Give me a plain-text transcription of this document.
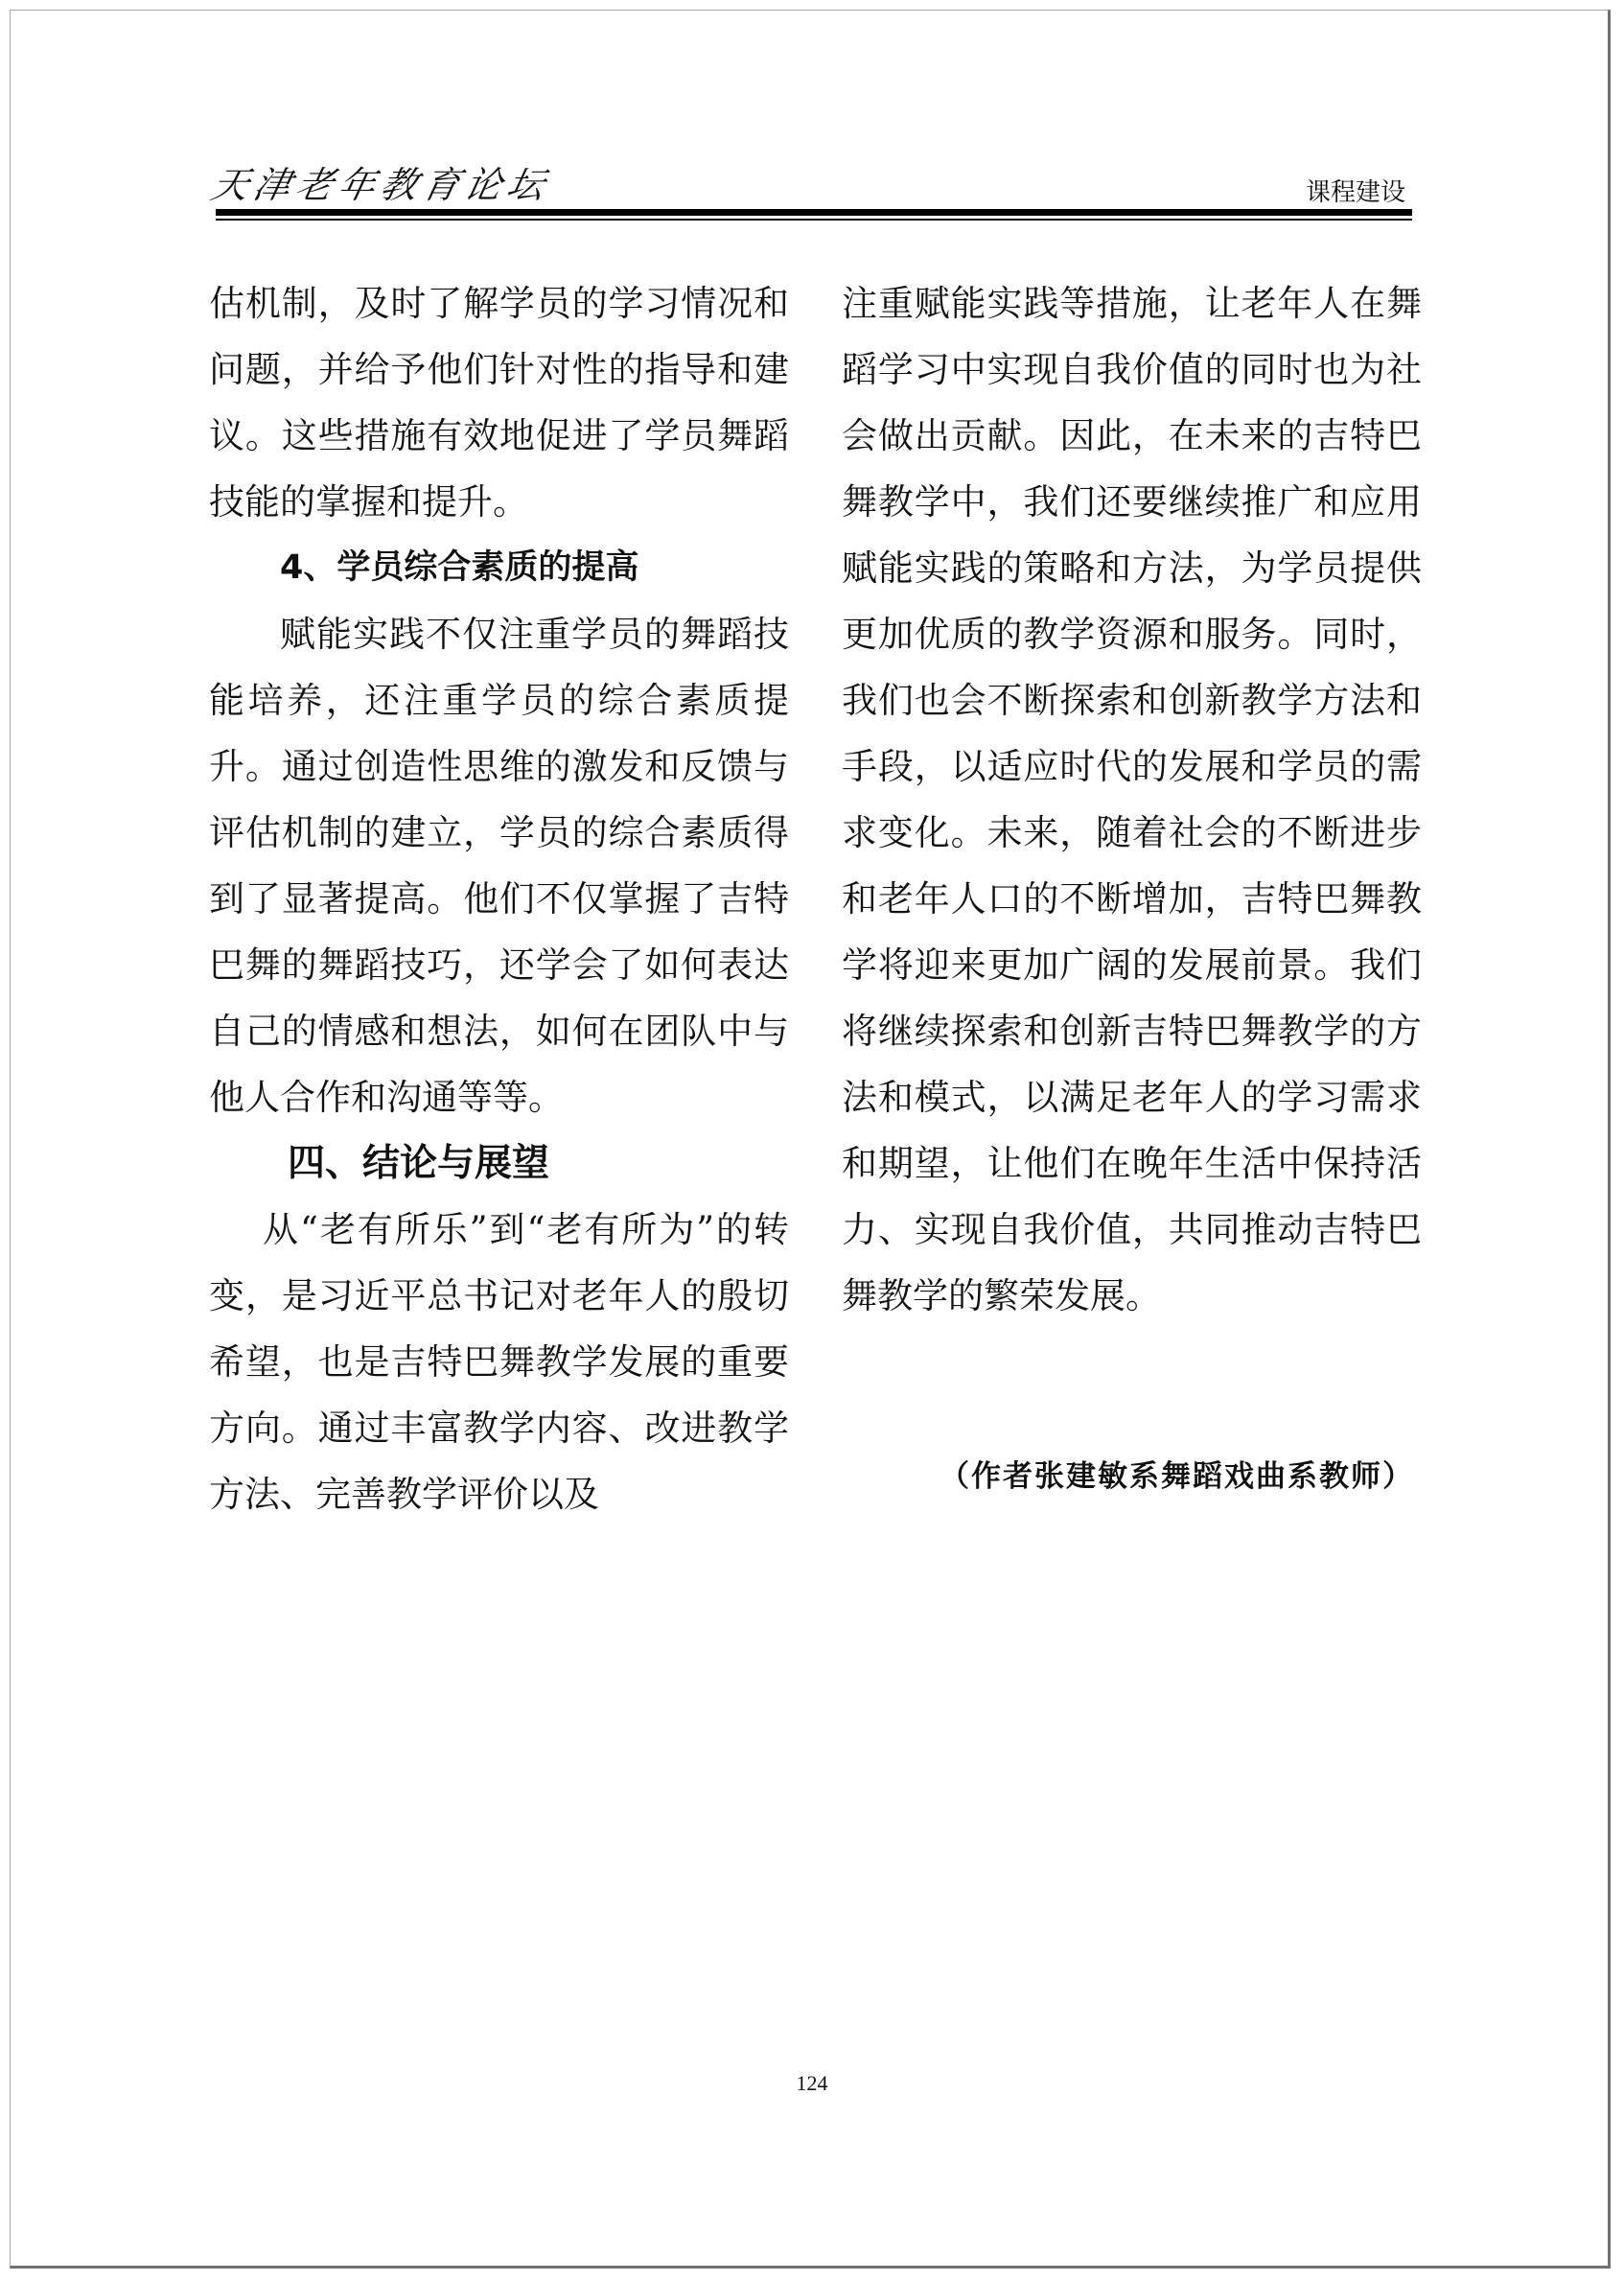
天津老年教育论坛	课程建设

估机制，及时了解学员的学习情况和问题，并给予他们针对性的指导和建议。这些措施有效地促进了学员舞蹈技能的掌握和提升。

4、学员综合素质的提高

赋能实践不仅注重学员的舞蹈技能培养，还注重学员的综合素质提升。通过创造性思维的激发和反馈与评估机制的建立，学员的综合素质得到了显著提高。他们不仅掌握了吉特巴舞的舞蹈技巧，还学会了如何表达自己的情感和想法，如何在团队中与他人合作和沟通等等。

四、结论与展望

从“老有所乐”到“老有所为”的转变，是习近平总书记对老年人的殷切希望，也是吉特巴舞教学发展的重要方向。通过丰富教学内容、改进教学方法、完善教学评价以及

注重赋能实践等措施，让老年人在舞蹈学习中实现自我价值的同时也为社会做出贡献。因此，在未来的吉特巴舞教学中，我们还要继续推广和应用赋能实践的策略和方法，为学员提供更加优质的教学资源和服务。同时，我们也会不断探索和创新教学方法和手段，以适应时代的发展和学员的需求变化。未来，随着社会的不断进步和老年人口的不断增加，吉特巴舞教学将迎来更加广阔的发展前景。我们将继续探索和创新吉特巴舞教学的方法和模式，以满足老年人的学习需求和期望，让他们在晚年生活中保持活力、实现自我价值，共同推动吉特巴舞教学的繁荣发展。

（作者张建敏系舞蹈戏曲系教师）
124
